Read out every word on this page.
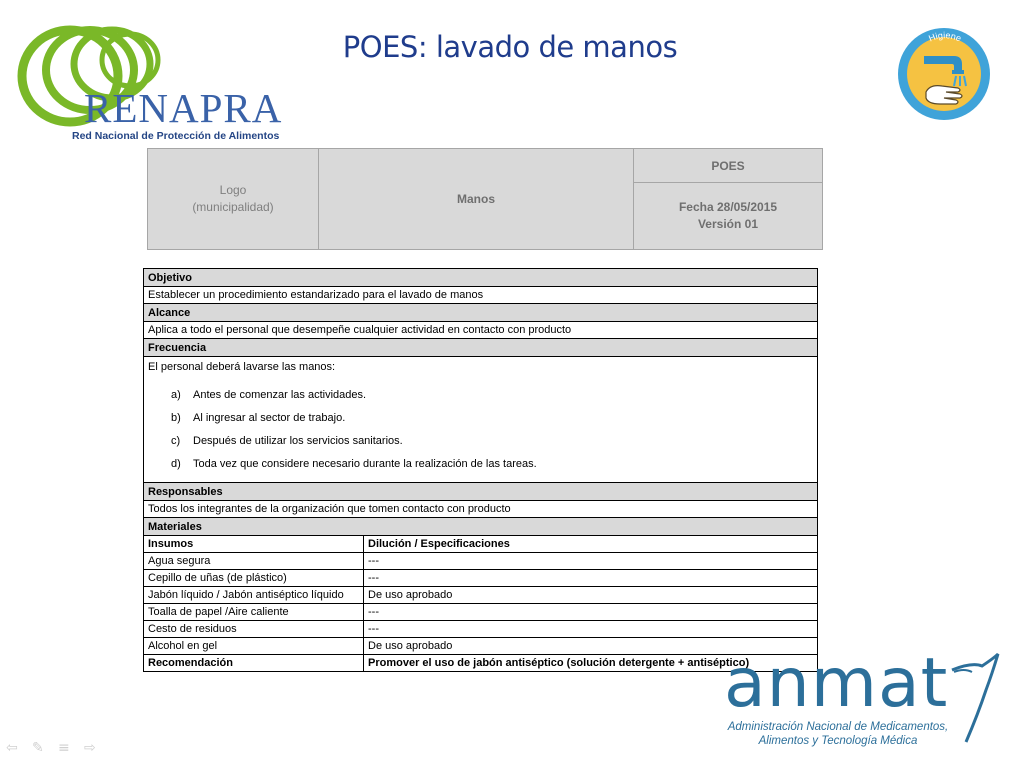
POES: lavado de manos
RENAPRA
Red Nacional de Protección de Alimentos
Higiene
Logo
(municipalidad)
	Manos	POES

Fecha 28/05/2015
Versión 01
Objetivo	
Establecer un procedimiento estandarizado para el lavado de manos	
Alcance	
Aplica a todo el personal que desempeñe cualquier actividad en contacto con producto	
Frecuencia	

El personal deberá lavarse las manos:
a) Antes de comenzar las actividades.
b) Al ingresar al sector de trabajo.
c) Después de utilizar los servicios sanitarios.
d) Toda vez que considere necesario durante la realización de las tareas.	

Responsables	
Todos los integrantes de la organización que tomen contacto con producto	
Materiales	
Insumos	Dilución / Especificaciones
Agua segura	---
Cepillo de uñas (de plástico)	---
Jabón líquido / Jabón antiséptico líquido	De uso aprobado
Toalla de papel /Aire caliente	---
Cesto de residuos	---
Alcohol en gel	De uso aprobado
Recomendación	Promover el uso de jabón antiséptico (solución detergente + antiséptico)
anmat
Administración Nacional de Medicamentos,
Alimentos y Tecnología Médica
⇦	✎	≡	⇨
